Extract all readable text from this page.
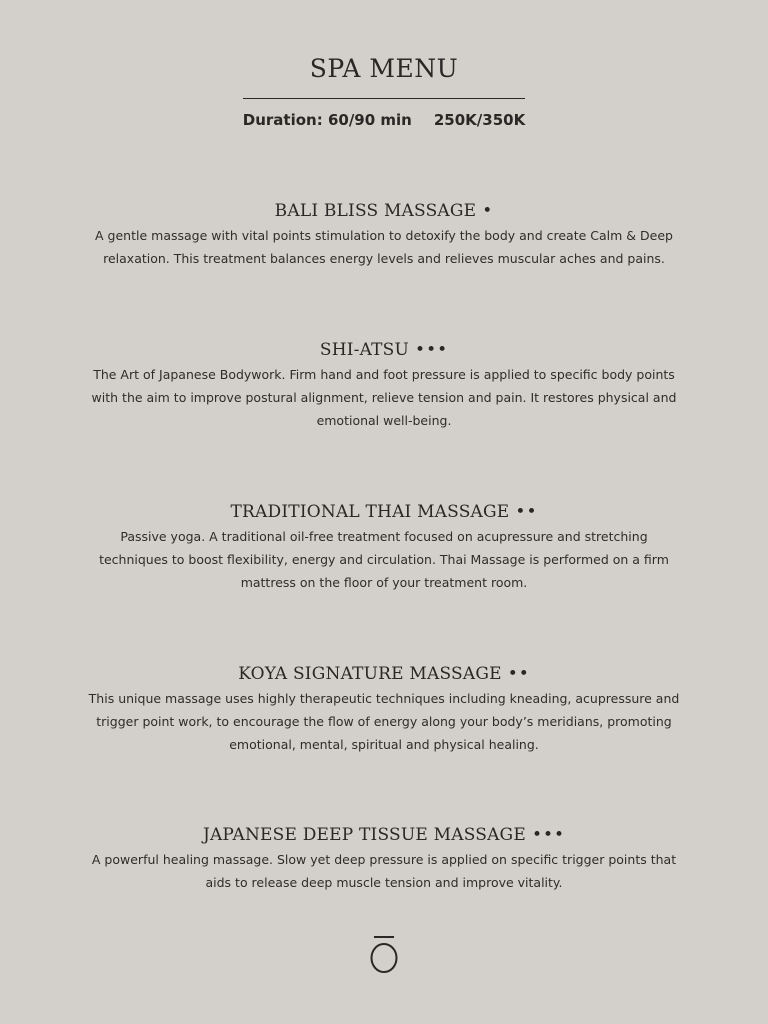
SPA MENU
Duration: 60/90 min 250K/350K
BALI BLISS MASSAGE •

A gentle massage with vital points stimulation to detoxify the body and create Calm & Deep
relaxation. This treatment balances energy levels and relieves muscular aches and pains.

SHI-ATSU •••

The Art of Japanese Bodywork. Firm hand and foot pressure is applied to specific body points
with the aim to improve postural alignment, relieve tension and pain. It restores physical and
emotional well-being.

TRADITIONAL THAI MASSAGE ••

Passive yoga. A traditional oil-free treatment focused on acupressure and stretching
techniques to boost flexibility, energy and circulation. Thai Massage is performed on a firm
mattress on the floor of your treatment room.

KOYA SIGNATURE MASSAGE ••

This unique massage uses highly therapeutic techniques including kneading, acupressure and
trigger point work, to encourage the flow of energy along your body’s meridians, promoting
emotional, mental, spiritual and physical healing.

JAPANESE DEEP TISSUE MASSAGE •••

A powerful healing massage. Slow yet deep pressure is applied on specific trigger points that
aids to release deep muscle tension and improve vitality.
